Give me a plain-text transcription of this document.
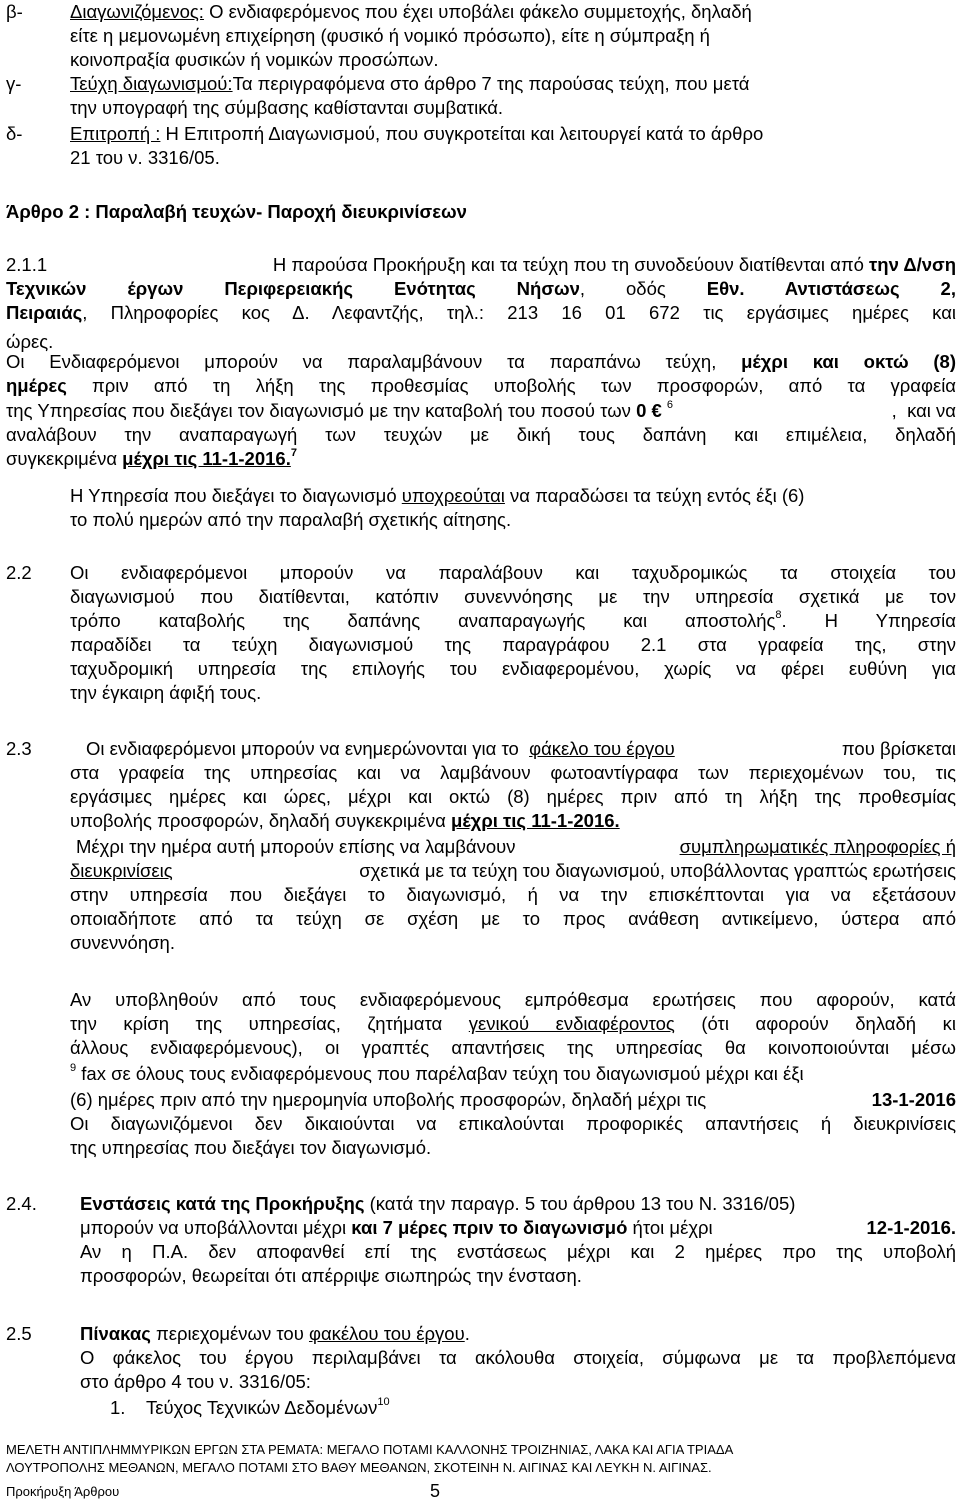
β-	Διαγωνιζόμενος: Ο ενδιαφερόμενος που έχει υποβάλει φάκελο συμμετοχής, δηλαδή
είτε η μεμονωμένη επιχείρηση (φυσικό ή νομικό πρόσωπο), είτε η σύμπραξη ή
κοινοπραξία φυσικών ή νομικών προσώπων.
γ-	Τεύχη διαγωνισμού:Τα περιγραφόμενα στο άρθρο 7 της παρούσας τεύχη, που μετά
την υπογραφή της σύμβασης καθίστανται συμβατικά.
δ-	Επιτροπή : Η Επιτροπή Διαγωνισμού, που συγκροτείται και λειτουργεί κατά το άρθρο
21 του ν. 3316/05.
Άρθρο 2 : Παραλαβή τευχών- Παροχή διευκρινίσεων
2.1.1	Η παρούσα Προκήρυξη και τα τεύχη που τη συνοδεύουν διατίθενται από την Δ/νση
Τεχνικών έργων Περιφερειακής Ενότητας Νήσων, οδός Εθν. Αντιστάσεως 2,
Πειραιάς, Πληροφορίες κος Δ. Λεφαντζής, τηλ.: 213 16 01 672 τις εργάσιμες ημέρες και
ώρες.
Οι Ενδιαφερόμενοι μπορούν να παραλαμβάνουν τα παραπάνω τεύχη, μέχρι και οκτώ (8)
ημέρες πριν από τη λήξη της προθεσμίας υποβολής των προσφορών, από τα γραφεία
της Υπηρεσίας που διεξάγει τον διαγωνισμό με την καταβολή του ποσού των 0 € $^6$	,  και να
αναλάβουν την αναπαραγωγή των τευχών με δική τους δαπάνη και επιμέλεια, δηλαδή
συγκεκριμένα μέχρι τις 11-1-2016.$^7$
Η Υπηρεσία που διεξάγει το διαγωνισμό υποχρεούται να παραδώσει τα τεύχη εντός έξι (6)
το πολύ ημερών από την παραλαβή σχετικής αίτησης.
2.2 Οι ενδιαφερόμενοι μπορούν να παραλάβουν και ταχυδρομικώς τα στοιχεία του
διαγωνισμού που διατίθενται, κατόπιν συνεννόησης με την υπηρεσία σχετικά με τον
τρόπο καταβολής της δαπάνης αναπαραγωγής και αποστολής$^8$. Η Υπηρεσία
παραδίδει τα τεύχη διαγωνισμού της παραγράφου 2.1 στα γραφεία της, στην
ταχυδρομική υπηρεσία της επιλογής του ενδιαφερομένου, χωρίς να φέρει ευθύνη για
την έγκαιρη άφιξή τους.
2.3	Οι ενδιαφερόμενοι μπορούν να ενημερώνονται για το  φάκελο του έργου	που βρίσκεται
στα γραφεία της υπηρεσίας και να λαμβάνουν φωτοαντίγραφα των περιεχομένων του, τις
εργάσιμες ημέρες και ώρες, μέχρι και οκτώ (8) ημέρες πριν από τη λήξη της προθεσμίας
υποβολής προσφορών, δηλαδή συγκεκριμένα μέχρι τις 11-1-2016.
Μέχρι την ημέρα αυτή μπορούν επίσης να λαμβάνουν	συμπληρωματικές πληροφορίες ή
διευκρινίσεις	σχετικά με τα τεύχη του διαγωνισμού, υποβάλλοντας γραπτώς ερωτήσεις
στην υπηρεσία που διεξάγει το διαγωνισμό, ή να την επισκέπτονται για να εξετάσουν
οποιαδήποτε από τα τεύχη σε σχέση με το προς ανάθεση αντικείμενο, ύστερα από
συνεννόηση.
Αν υποβληθούν από τους ενδιαφερόμενους εμπρόθεσμα ερωτήσεις που αφορούν, κατά
την κρίση της υπηρεσίας, ζητήματα γενικού ενδιαφέροντος (ότι αφορούν δηλαδή κι
άλλους ενδιαφερόμενους), οι γραπτές απαντήσεις της υπηρεσίας θα κοινοποιούνται μέσω
$^9$ fax σε όλους τους ενδιαφερόμενους που παρέλαβαν τεύχη του διαγωνισμού μέχρι και έξι
(6) ημέρες πριν από την ημερομηνία υποβολής προσφορών, δηλαδή μέχρι τις	13-1-2016
Οι διαγωνιζόμενοι δεν δικαιούνται να επικαλούνται προφορικές απαντήσεις ή διευκρινίσεις
της υπηρεσίας που διεξάγει τον διαγωνισμό.
2.4. Ενστάσεις κατά της Προκήρυξης (κατά την παραγρ. 5 του άρθρου 13 του Ν. 3316/05)
μπορούν να υποβάλλονται μέχρι και 7 μέρες πριν το διαγωνισμό ήτοι μέχρι	12-1-2016.
Αν η Π.Α. δεν αποφανθεί επί της ενστάσεως μέχρι και 2 ημέρες προ της υποβολή
προσφορών, θεωρείται ότι απέρριψε σιωπηρώς την ένσταση.
2.5	Πίνακας περιεχομένων του φακέλου του έργου.
Ο φάκελος του έργου περιλαμβάνει τα ακόλουθα στοιχεία, σύμφωνα με τα προβλεπόμενα
στο άρθρο 4 του ν. 3316/05:
1. Τεύχος Τεχνικών Δεδομένων$^{10}$
ΜΕΛΕΤΗ ΑΝΤΙΠΛΗΜΜΥΡΙΚΩΝ ΕΡΓΩΝ ΣΤΑ ΡΕΜΑΤΑ: ΜΕΓΑΛΟ ΠΟΤΑΜΙ ΚΑΛΛΟΝΗΣ ΤΡΟΙΖΗΝΙΑΣ, ΛΑΚΑ ΚΑΙ ΑΓΙΑ ΤΡΙΑΔΑ
ΛΟΥΤΡΟΠΟΛΗΣ ΜΕΘΑΝΩΝ, ΜΕΓΑΛΟ ΠΟΤΑΜΙ ΣΤΟ ΒΑΘΥ ΜΕΘΑΝΩΝ, ΣΚΟΤΕΙΝΗ Ν. ΑΙΓΙΝΑΣ ΚΑΙ ΛΕΥΚΗ Ν. ΑΙΓΙΝΑΣ.
Προκήρυξη Άρθρου	5
